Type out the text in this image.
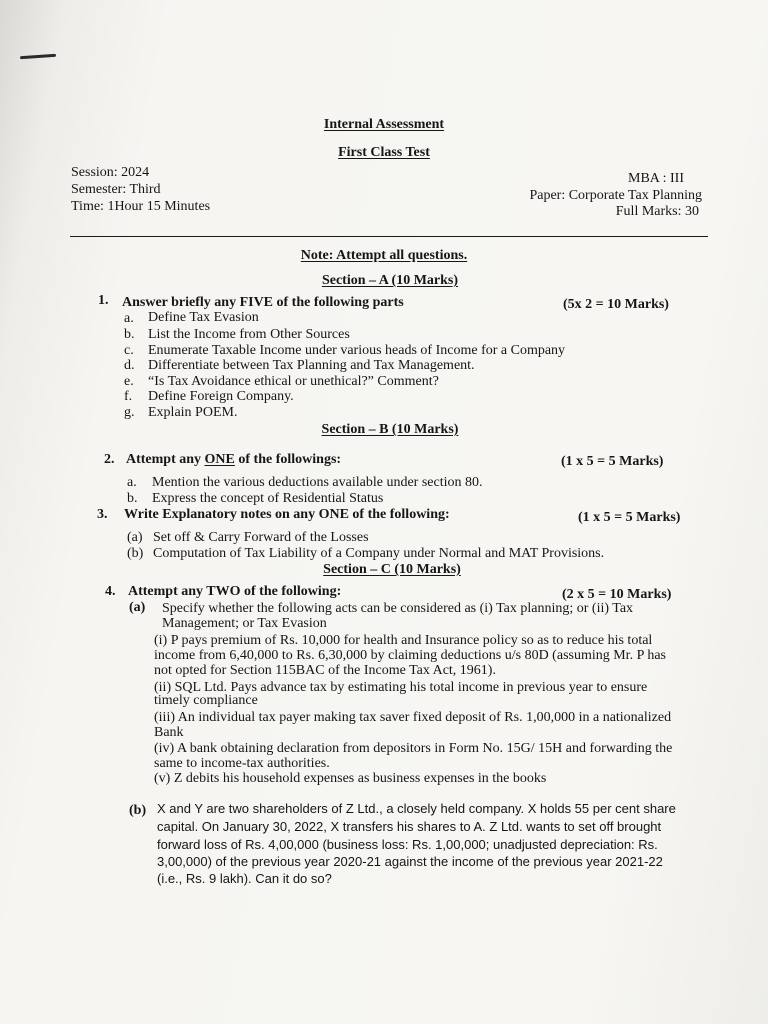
Internal Assessment
First Class Test
Session: 2024
Semester: Third
Time: 1Hour 15 Minutes
MBA : III
Paper: Corporate Tax Planning
Full Marks: 30
Note: Attempt all questions.
Section – A (10 Marks)
1. Answer briefly any FIVE of the following parts	(5x 2 = 10 Marks)
a. Define Tax Evasion
b. List the Income from Other Sources
c. Enumerate Taxable Income under various heads of Income for a Company
d. Differentiate between Tax Planning and Tax Management.
e. “Is Tax Avoidance ethical or unethical?” Comment?
f. Define Foreign Company.
g. Explain POEM.
Section – B (10 Marks)
2. Attempt any ONE of the followings:	(1 x 5 = 5 Marks)
a. Mention the various deductions available under section 80.
b. Express the concept of Residential Status
3. Write Explanatory notes on any ONE of the following:	(1 x 5 = 5 Marks)
(a) Set off & Carry Forward of the Losses
(b) Computation of Tax Liability of a Company under Normal and MAT Provisions.
Section – C (10 Marks)
4. Attempt any TWO of the following:	(2 x 5 = 10 Marks)
(a) Specify whether the following acts can be considered as (i) Tax planning; or (ii) Tax
Management; or Tax Evasion
(i) P pays premium of Rs. 10,000 for health and Insurance policy so as to reduce his total
income from 6,40,000 to Rs. 6,30,000 by claiming deductions u/s 80D (assuming Mr. P has
not opted for Section 115BAC of the Income Tax Act, 1961).
(ii) SQL Ltd. Pays advance tax by estimating his total income in previous year to ensure
timely compliance
(iii) An individual tax payer making tax saver fixed deposit of Rs. 1,00,000 in a nationalized
Bank
(iv) A bank obtaining declaration from depositors in Form No. 15G/ 15H and forwarding the
same to income-tax authorities.
(v) Z debits his household expenses as business expenses in the books
(b) X and Y are two shareholders of Z Ltd., a closely held company. X holds 55 per cent share
capital. On January 30, 2022, X transfers his shares to A. Z Ltd. wants to set off brought
forward loss of Rs. 4,00,000 (business loss: Rs. 1,00,000; unadjusted depreciation: Rs.
3,00,000) of the previous year 2020-21 against the income of the previous year 2021-22
(i.e., Rs. 9 lakh). Can it do so?
